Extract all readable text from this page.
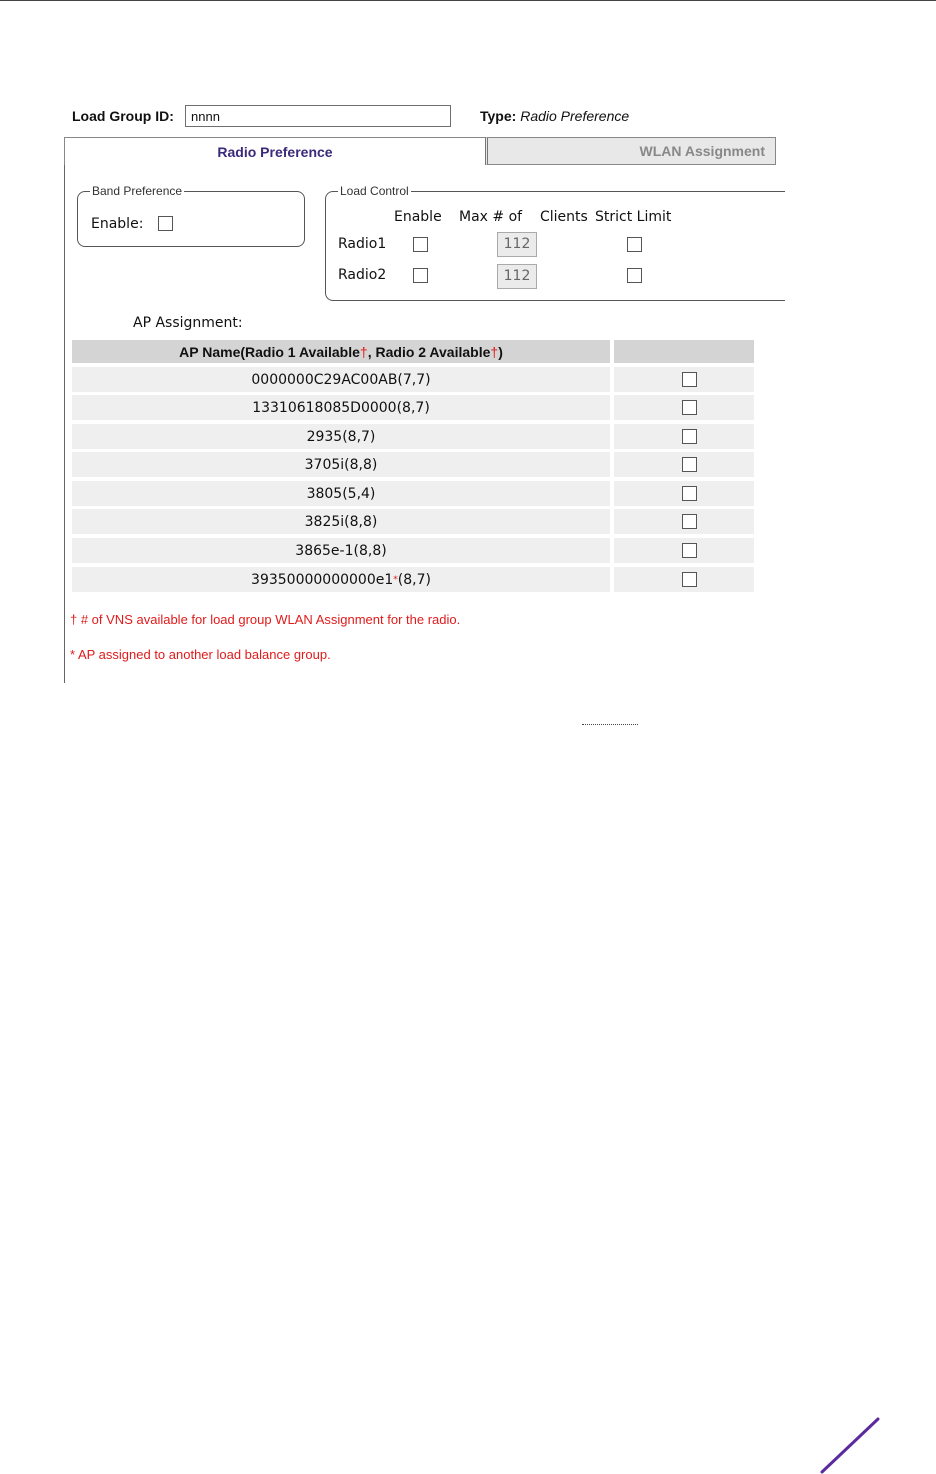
Load Group ID:
nnnn	Type: Radio Preference
Radio Preference	WLAN Assignment
Band Preference
Enable:
Load Control
Enable Max # of Clients Strict Limit
Radio1	112
Radio2	112
AP Assignment:
AP Name(Radio 1 Available † , Radio 2 Available † )
0000000C29AC00AB(7,7)
13310618085D0000(8,7)
2935(8,7)
3705i(8,8)
3805(5,4)
3825i(8,8)
3865e-1(8,8)
39350000000000e1 * (8,7)
† # of VNS available for load group WLAN Assignment for the radio.
* AP assigned to another load balance group.
